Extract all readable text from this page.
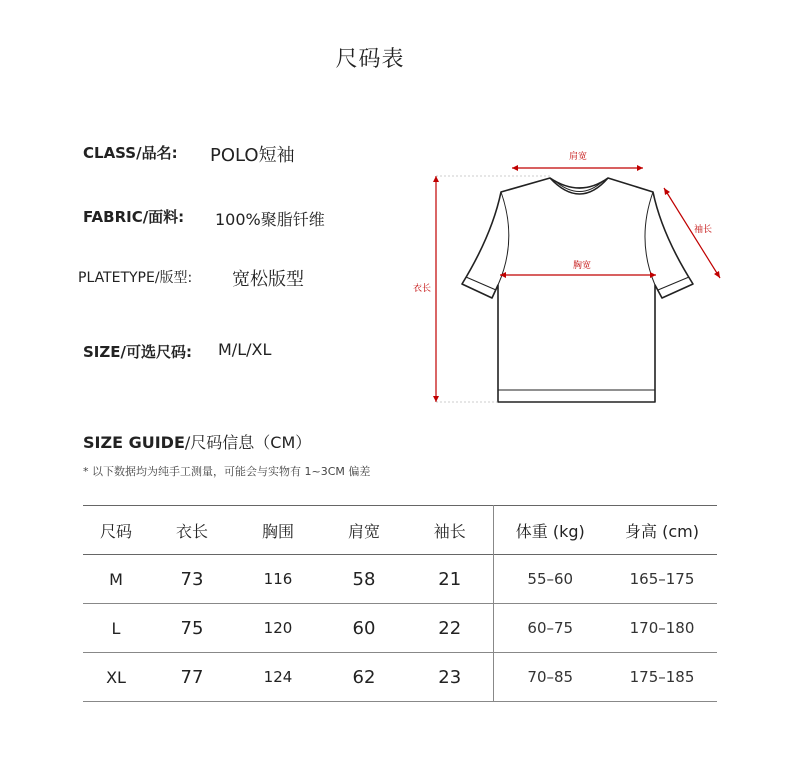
尺码表
CLASS/品名: POLO短袖
FABRIC/面料: 100%聚脂钎维
PLATETYPE/版型: 宽松版型
SIZE/可选尺码: M/L/XL
肩宽
胸宽
衣长
袖长
SIZE GUIDE/尺码信息（CM）
* 以下数据均为纯手工测量，可能会与实物有 1~3CM 偏差
尺码	衣长	胸围	肩宽	袖长	体重 (kg)	身高 (cm)
M	73	116	58	21	55–60	165–175
L	75	120	60	22	60–75	170–180
XL	77	124	62	23	70–85	175–185
